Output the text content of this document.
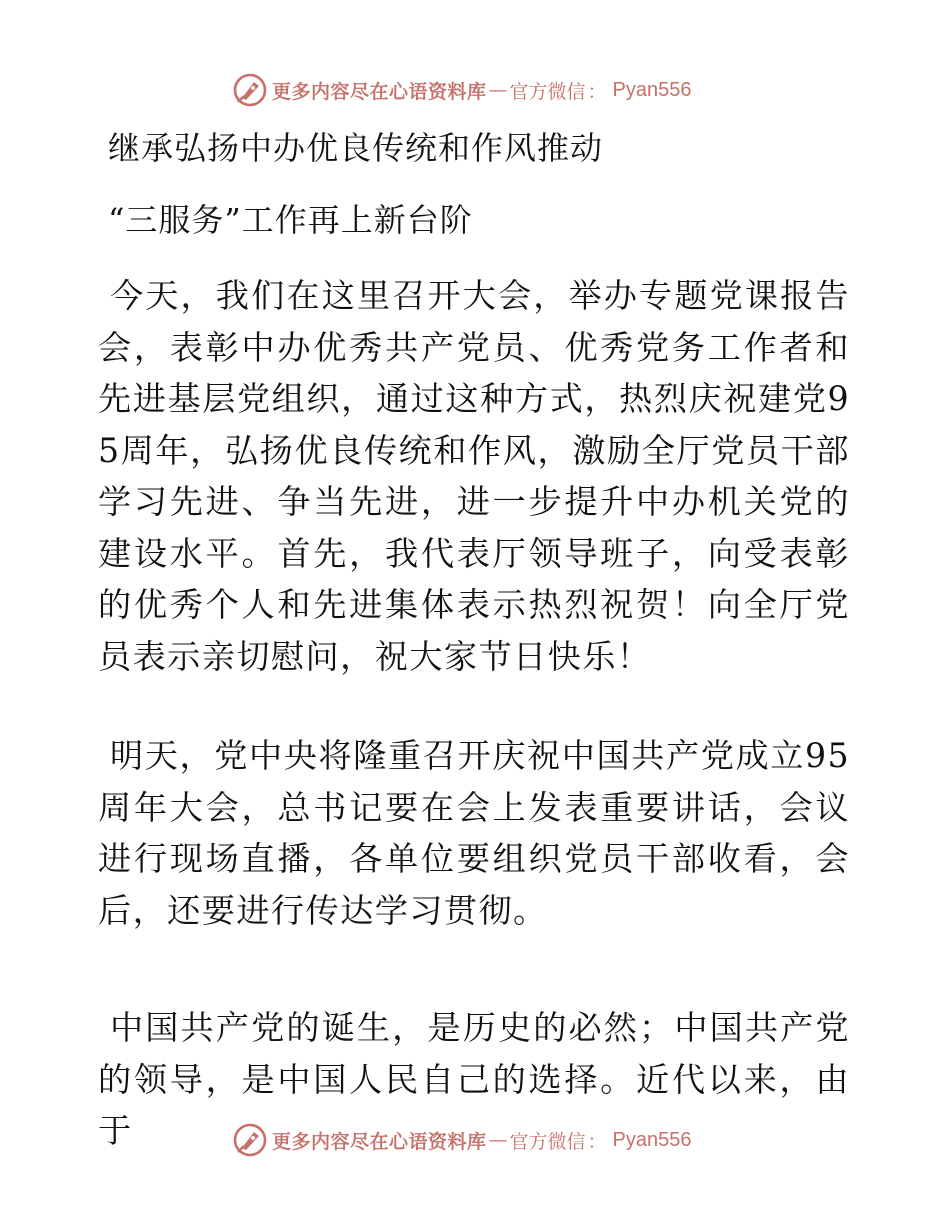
更多内容尽在心语资料库 — 官方微信 ： Pyan556
继承弘扬中办优良传统和作风推动
“三服务”工作再上新台阶
今天，我们在这里召开大会，举办专题党课报告会，表彰中办优秀共产党员、优秀党务工作者和先进基层党组织，通过这种方式，热烈庆祝建党95周年，弘扬优良传统和作风，激励全厅党员干部学习先进、争当先进，进一步提升中办机关党的建设水平。首先，我代表厅领导班子，向受表彰的优秀个人和先进集体表示热烈祝贺！向全厅党员表示亲切慰问，祝大家节日快乐！
明天，党中央将隆重召开庆祝中国共产党成立95周年大会，总书记要在会上发表重要讲话，会议进行现场直播，各单位要组织党员干部收看，会后，还要进行传达学习贯彻。
中国共产党的诞生，是历史的必然；中国共产党的领导，是中国人民自己的选择。近代以来，由于	更多内容尽在心语资料库 — 官方微信 ： Pyan556
